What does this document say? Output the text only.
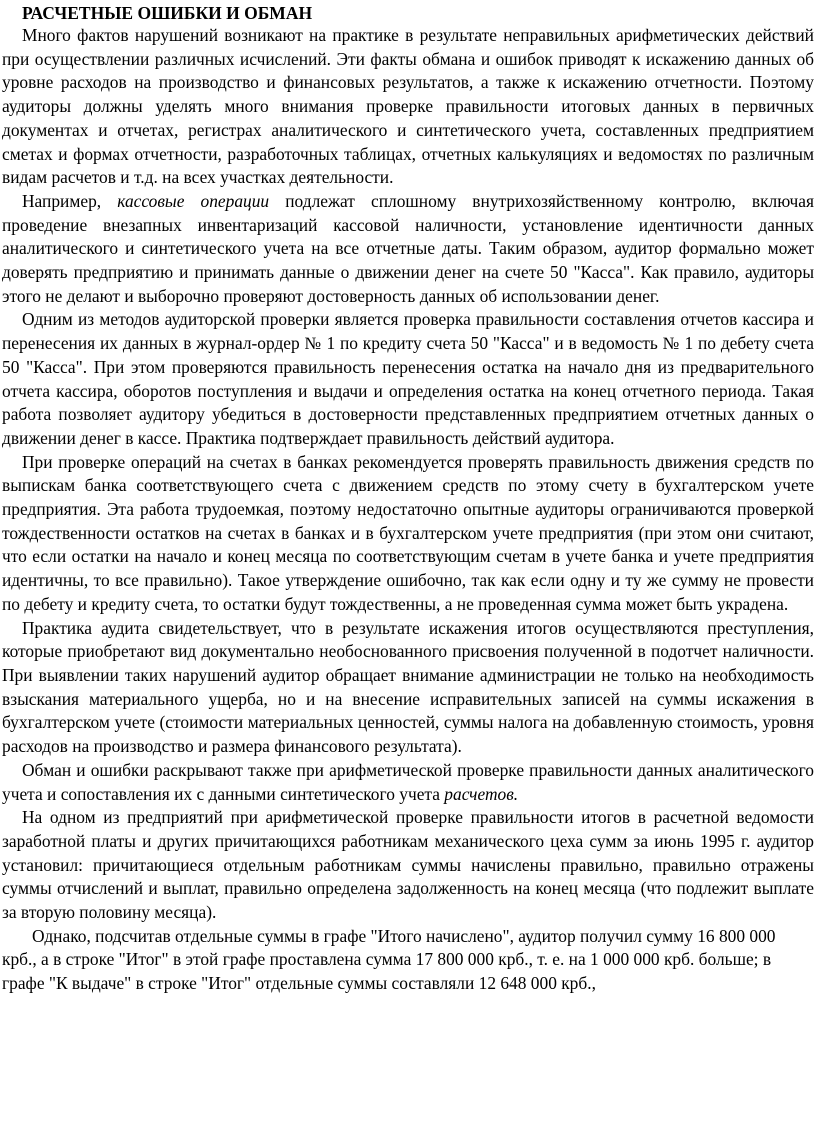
РАСЧЕТНЫЕ ОШИБКИ И ОБМАН

Много фактов нарушений возникают на практике в результате неправильных арифметических действий при осуществлении различных исчислений. Эти факты обмана и ошибок приводят к искажению данных об уровне расходов на производство и финансовых результатов, а также к искажению отчетности. Поэтому аудиторы должны уделять много внимания проверке правильности итоговых данных в первичных документах и отчетах, регистрах аналитического и синтетического учета, составленных предприятием сметах и формах отчетности, разработочных таблицах, отчетных калькуляциях и ведомостях по различным видам расчетов и т.д. на всех участках деятельности.

Например, кассовые операции подлежат сплошному внутрихозяйственному контролю, включая проведение внезапных инвентаризаций кассовой наличности, установление идентичности данных аналитического и синтетического учета на все отчетные даты. Таким образом, аудитор формально может доверять предприятию и принимать данные о движении денег на счете 50 "Касса". Как правило, аудиторы этого не делают и выборочно проверяют достоверность данных об использовании денег.

Одним из методов аудиторской проверки является проверка правильности составления отчетов кассира и перенесения их данных в журнал-ордер № 1 по кредиту счета 50 "Касса" и в ведомость № 1 по дебету счета 50 "Касса". При этом проверяются правильность перенесения остатка на начало дня из предварительного отчета кассира, оборотов поступления и выдачи и определения остатка на конец отчетного периода. Такая работа позволяет аудитору убедиться в достоверности представленных предприятием отчетных данных о движении денег в кассе. Практика подтверждает правильность действий аудитора.

При проверке операций на счетах в банках рекомендуется проверять правильность движения средств по выпискам банка соответствующего счета с движением средств по этому счету в бухгалтерском учете предприятия. Эта работа трудоемкая, поэтому недостаточно опытные аудиторы ограничиваются проверкой тождественности остатков на счетах в банках и в бухгалтерском учете предприятия (при этом они считают, что если остатки на начало и конец месяца по соответствующим счетам в учете банка и учете предприятия идентичны, то все правильно). Такое утверждение ошибочно, так как если одну и ту же сумму не провести по дебету и кредиту счета, то остатки будут тождественны, а не проведенная сумма может быть украдена.

Практика аудита свидетельствует, что в результате искажения итогов осуществляются преступления, которые приобретают вид документально необоснованного присвоения полученной в подотчет наличности. При выявлении таких нарушений аудитор обращает внимание администрации не только на необходимость взыскания материального ущерба, но и на внесение исправительных записей на суммы искажения в бухгалтерском учете (стоимости материальных ценностей, суммы налога на добавленную стоимость, уровня расходов на производство и размера финансового результата).

Обман и ошибки раскрывают также при арифметической проверке правильности данных аналитического учета и сопоставления их с данными синтетического учета расчетов.

На одном из предприятий при арифметической проверке правильности итогов в расчетной ведомости заработной платы и других причитающихся работникам механического цеха сумм за июнь 1995 г. аудитор установил: причитающиеся отдельным работникам суммы начислены правильно, правильно отражены суммы отчислений и выплат, правильно определена задолженность на конец месяца (что подлежит выплате за вторую половину месяца).

Однако, подсчитав отдельные суммы в графе "Итого начислено", аудитор получил сумму 16 800 000 крб., а в строке "Итог" в этой графе проставлена сумма 17 800 000 крб., т. е. на 1 000 000 крб. больше; в графе "К выдаче" в строке "Итог" отдельные суммы составляли 12 648 000 крб.,
